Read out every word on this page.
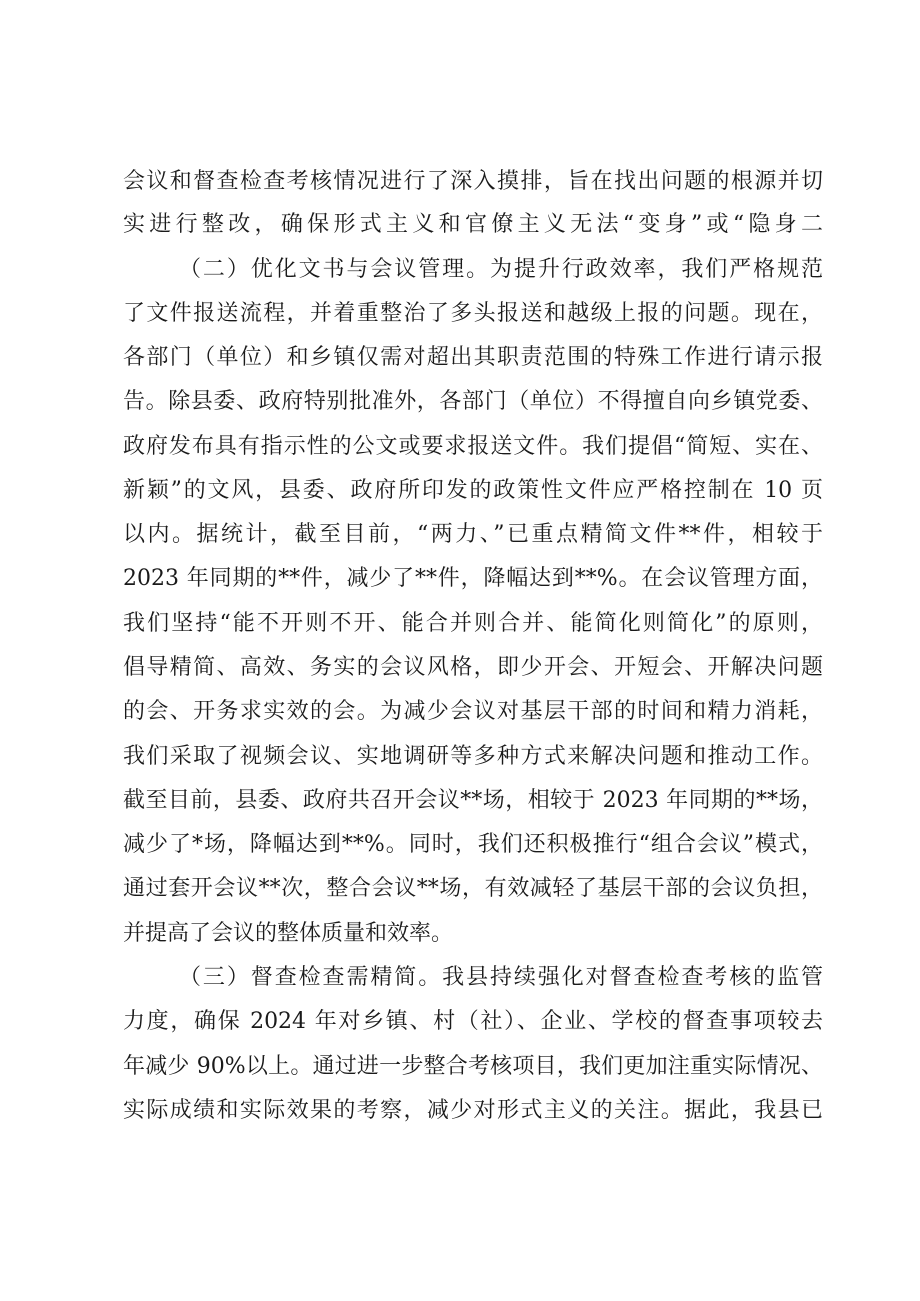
会议和督查检查考核情况进行了深入摸排，旨在找出问题的根源并切

实进行整改，确保形式主义和官僚主义无法“变身”或“隐身二

（二）优化文书与会议管理。为提升行政效率，我们严格规范

了文件报送流程，并着重整治了多头报送和越级上报的问题。现在，

各部门（单位）和乡镇仅需对超出其职责范围的特殊工作进行请示报

告。除县委、政府特别批准外，各部门（单位）不得擅自向乡镇党委、

政府发布具有指示性的公文或要求报送文件。我们提倡“简短、实在、

新颖”的文风，县委、政府所印发的政策性文件应严格控制在 10 页

以内。据统计，截至目前，“两力、”已重点精简文件**件，相较于

2023 年同期的**件，减少了**件，降幅达到**%。在会议管理方面，

我们坚持“能不开则不开、能合并则合并、能简化则简化”的原则，

倡导精简、高效、务实的会议风格，即少开会、开短会、开解决问题

的会、开务求实效的会。为减少会议对基层干部的时间和精力消耗，

我们采取了视频会议、实地调研等多种方式来解决问题和推动工作。

截至目前，县委、政府共召开会议**场，相较于 2023 年同期的**场，

减少了*场，降幅达到**%。同时，我们还积极推行“组合会议”模式，

通过套开会议**次，整合会议**场，有效减轻了基层干部的会议负担，

并提高了会议的整体质量和效率。

（三）督查检查需精简。我县持续强化对督查检查考核的监管

力度，确保 2024 年对乡镇、村（社）、企业、学校的督查事项较去

年减少 90%以上。通过进一步整合考核项目，我们更加注重实际情况、

实际成绩和实际效果的考察，减少对形式主义的关注。据此，我县已
